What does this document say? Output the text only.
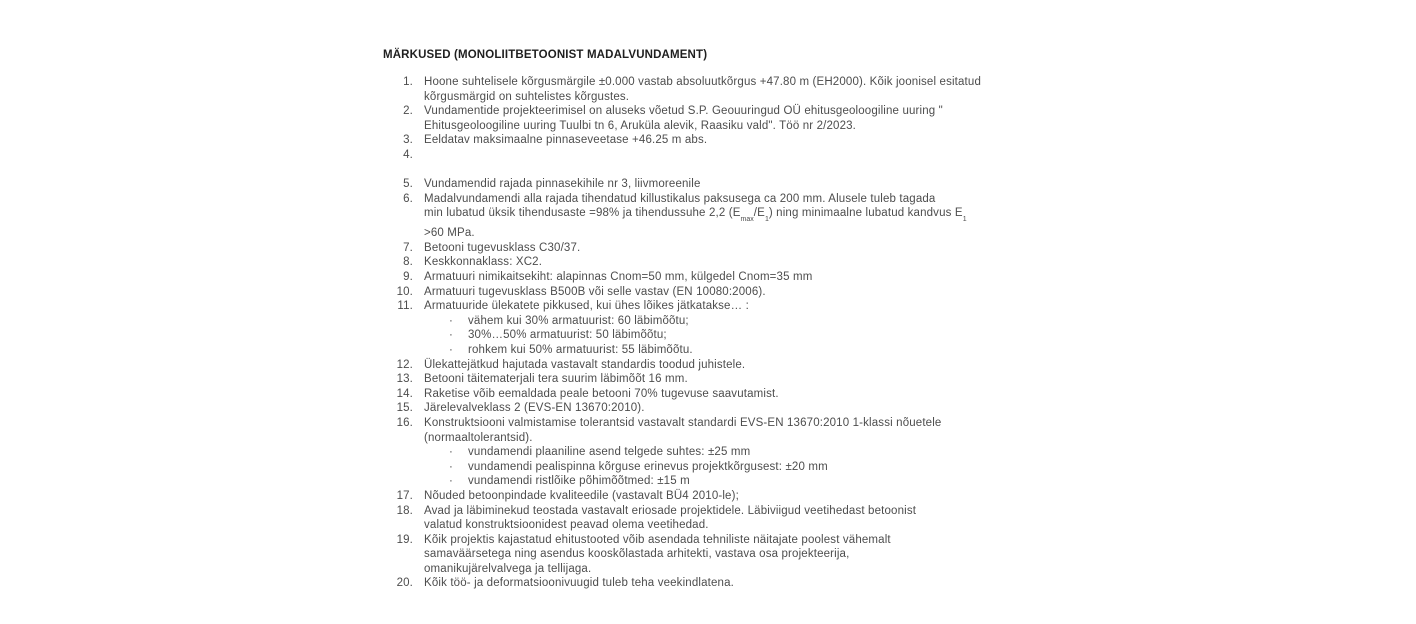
MÄRKUSED (MONOLIITBETOONIST MADALVUNDAMENT)
1. Hoone suhtelisele kõrgusmärgile ±0.000 vastab absoluutkõrgus +47.80 m (EH2000). Kõik joonisel esitatud
kõrgusmärgid on suhtelistes kõrgustes.
2. Vundamentide projekteerimisel on aluseks võetud S.P. Geouuringud OÜ ehitusgeoloogiline uuring "
Ehitusgeoloogiline uuring Tuulbi tn 6, Aruküla alevik, Raasiku vald". Töö nr 2/2023.
3. Eeldatav maksimaalne pinnaseveetase +46.25 m abs.
4.
5. Vundamendid rajada pinnasekihile nr 3, liivmoreenile
6. Madalvundamendi alla rajada tihendatud killustikalus paksusega ca 200 mm. Alusele tuleb tagada
min lubatud üksik tihendusaste =98% ja tihendussuhe 2,2 $(E_{max}/E_1)$ ning minimaalne lubatud kandvus $E_1$
>60 MPa.
7. Betooni tugevusklass C30/37.
8. Keskkonnaklass: XC2.
9. Armatuuri nimikaitsekiht: alapinnas Cnom=50 mm, külgedel Cnom=35 mm
10. Armatuuri tugevusklass B500B või selle vastav (EN 10080:2006).
11. Armatuuride ülekatete pikkused, kui ühes lõikes jätkatakse… :
·	vähem kui 30% armatuurist: 60 läbimõõtu;
·	30%…50% armatuurist: 50 läbimõõtu;
·	rohkem kui 50% armatuurist: 55 läbimõõtu.
12. Ülekattejätkud hajutada vastavalt standardis toodud juhistele.
13. Betooni täitematerjali tera suurim läbimõõt 16 mm.
14. Raketise võib eemaldada peale betooni 70% tugevuse saavutamist.
15. Järelevalveklass 2 (EVS-EN 13670:2010).
16. Konstruktsiooni valmistamise tolerantsid vastavalt standardi EVS-EN 13670:2010 1-klassi nõuetele
(normaaltolerantsid).
·	vundamendi plaaniline asend telgede suhtes: ±25 mm
·	vundamendi pealispinna kõrguse erinevus projektkõrgusest: ±20 mm
·	vundamendi ristlõike põhimõõtmed: ±15 m
17. Nõuded betoonpindade kvaliteedile (vastavalt BÜ4 2010-le);
18. Avad ja läbiminekud teostada vastavalt eriosade projektidele. Läbiviigud veetihedast betoonist
valatud konstruktsioonidest peavad olema veetihedad.
19. Kõik projektis kajastatud ehitustooted võib asendada tehniliste näitajate poolest vähemalt
samaväärsetega ning asendus kooskõlastada arhitekti, vastava osa projekteerija,
omanikujärelvalvega ja tellijaga.
20. Kõik töö- ja deformatsioonivuugid tuleb teha veekindlatena.
